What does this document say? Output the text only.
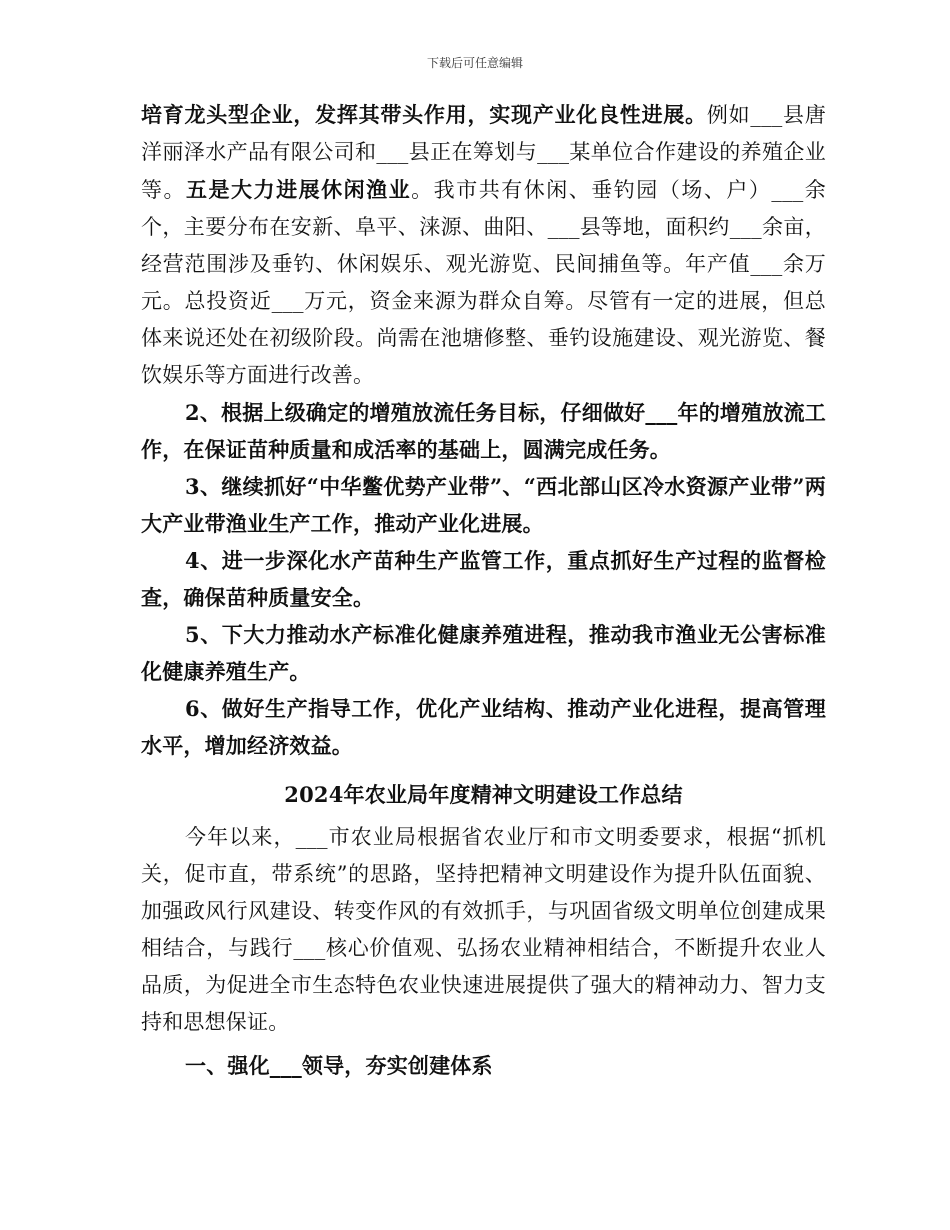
下载后可任意编辑

培育龙头型企业，发挥其带头作用，实现产业化良性进展。例如___县唐洋丽泽水产品有限公司和___县正在筹划与___某单位合作建设的养殖企业等。五是大力进展休闲渔业。我市共有休闲、垂钓园（场、户）___余个，主要分布在安新、阜平、涞源、曲阳、___县等地，面积约___余亩，经营范围涉及垂钓、休闲娱乐、观光游览、民间捕鱼等。年产值___余万元。总投资近___万元，资金来源为群众自筹。尽管有一定的进展，但总体来说还处在初级阶段。尚需在池塘修整、垂钓设施建设、观光游览、餐饮娱乐等方面进行改善。

2、根据上级确定的增殖放流任务目标，仔细做好___年的增殖放流工作，在保证苗种质量和成活率的基础上，圆满完成任务。

3、继续抓好“中华鳖优势产业带”、“西北部山区冷水资源产业带”两大产业带渔业生产工作，推动产业化进展。

4、进一步深化水产苗种生产监管工作，重点抓好生产过程的监督检查，确保苗种质量安全。

5、下大力推动水产标准化健康养殖进程，推动我市渔业无公害标准化健康养殖生产。

6、做好生产指导工作，优化产业结构、推动产业化进程，提高管理水平，增加经济效益。

2024年农业局年度精神文明建设工作总结

今年以来，___市农业局根据省农业厅和市文明委要求，根据“抓机关，促市直，带系统”的思路，坚持把精神文明建设作为提升队伍面貌、加强政风行风建设、转变作风的有效抓手，与巩固省级文明单位创建成果相结合，与践行___核心价值观、弘扬农业精神相结合，不断提升农业人品质，为促进全市生态特色农业快速进展提供了强大的精神动力、智力支持和思想保证。

一、强化___领导，夯实创建体系
